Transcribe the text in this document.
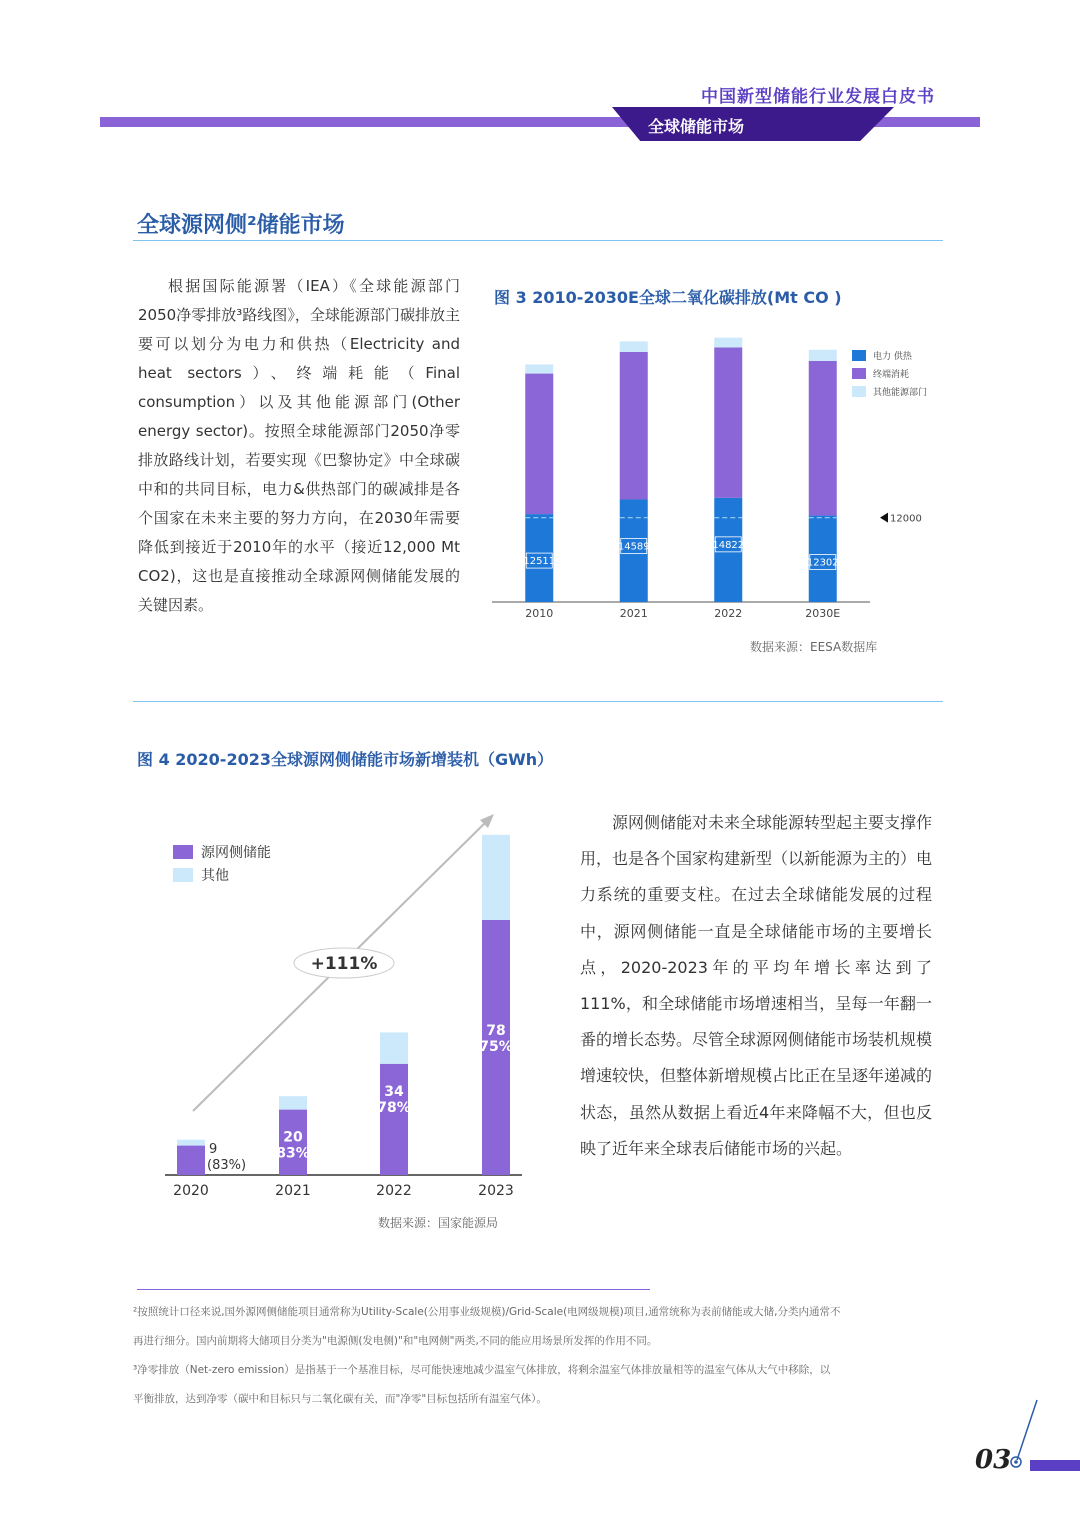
中国新型储能行业发展白皮书
全球储能市场
全球源网侧²储能市场

根据国际能源署（IEA）《全球能源部门2050净零排放³路线图》，全球能源部门碳排放主要可以划分为电力和供热（Electricity and heat sectors）、终端耗能（Final consumption）以及其他能源部门(Other energy sector)。按照全球能源部门2050净零排放路线计划，若要实现《巴黎协定》中全球碳中和的共同目标，电力&供热部门的碳减排是各个国家在未来主要的努力方向，在2030年需要降低到接近于2010年的水平（接近12,000 Mt CO2)，这也是直接推动全球源网侧储能发展的关键因素。

图 3 2010-2030E全球二氧化碳排放(Mt CO )
12511
2010
14589
2021
14822
2022
12302
2030E
12000
电力 供热
终端消耗
其他能源部门
数据来源：EESA数据库
图 4 2020-2023全球源网侧储能市场新增装机（GWh）
+111%
9
(83%)
2020
20
83%
2021
34
78%
2022
78
75%
2023
源网侧储能
其他
数据来源：国家能源局

源网侧储能对未来全球能源转型起主要支撑作用，也是各个国家构建新型（以新能源为主的）电力系统的重要支柱。在过去全球储能发展的过程中，源网侧储能一直是全球储能市场的主要增长点，2020-2023年的平均年增长率达到了111%，和全球储能市场增速相当，呈每一年翻一番的增长态势。尽管全球源网侧储能市场装机规模增速较快，但整体新增规模占比正在呈逐年递减的状态，虽然从数据上看近4年来降幅不大，但也反映了近年来全球表后储能市场的兴起。

²按照统计口径来说,国外源网侧储能项目通常称为Utility-Scale(公用事业级规模)/Grid-Scale(电网级规模)项目,通常统称为表前储能或大储,分类内通常不

再进行细分。国内前期将大储项目分类为"电源侧(发电侧)"和"电网侧"两类,不同的能应用场景所发挥的作用不同。

³净零排放（Net-zero emission）是指基于一个基准目标，尽可能快速地减少温室气体排放，将剩余温室气体排放量相等的温室气体从大气中移除，以

平衡排放，达到净零（碳中和目标只与二氧化碳有关，而"净零"目标包括所有温室气体）。

03
